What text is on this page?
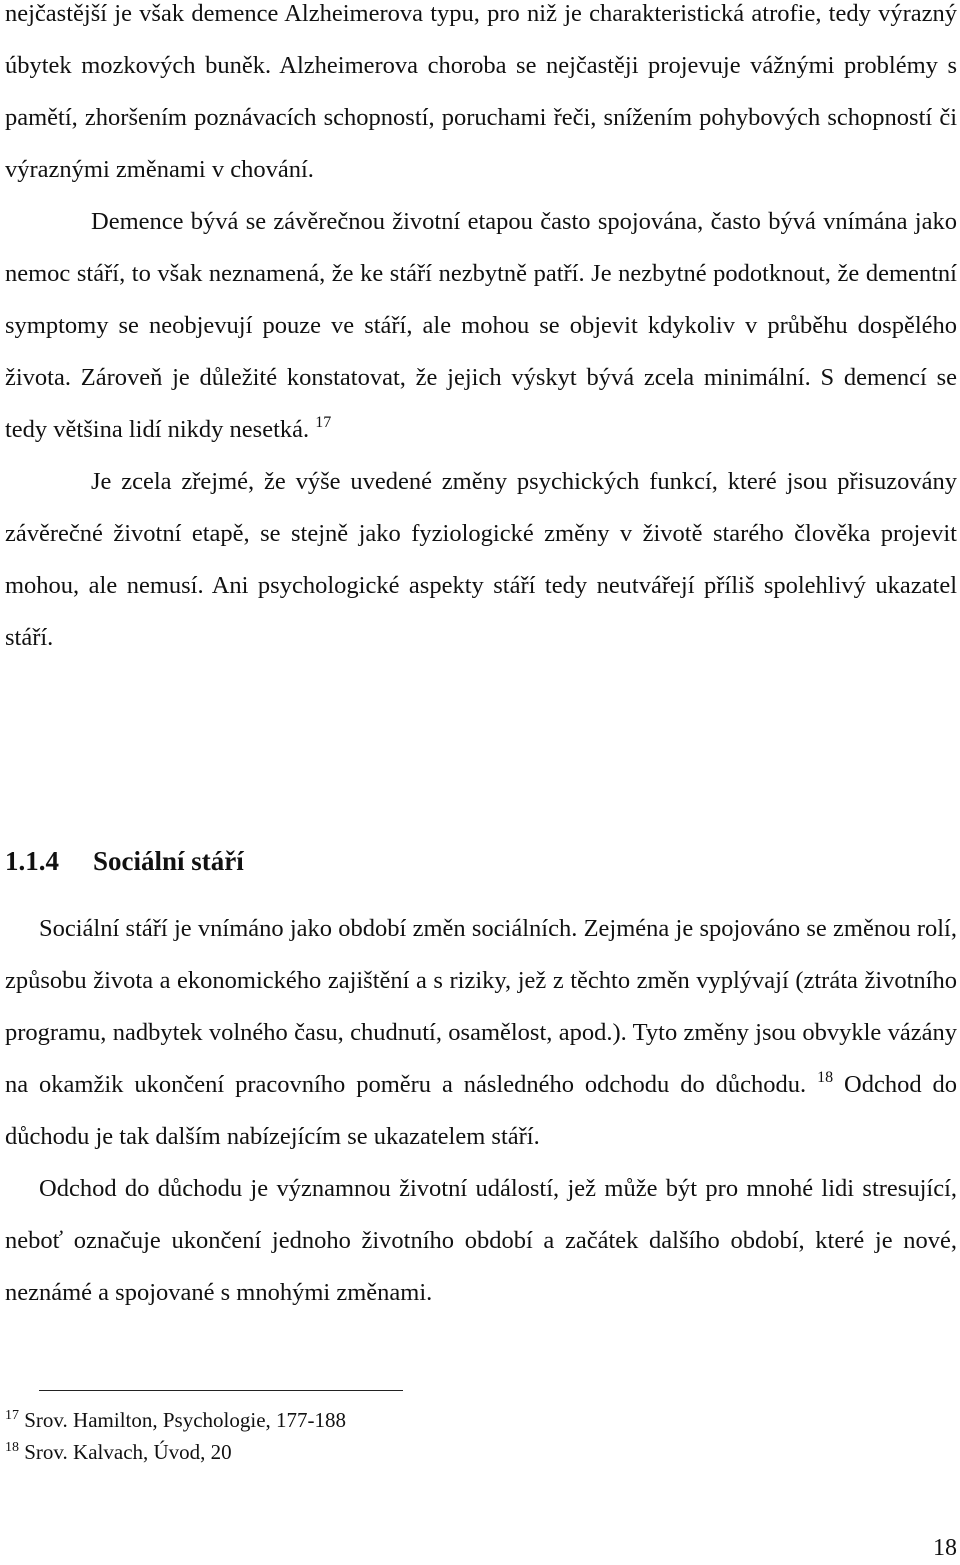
nejčastější je však demence Alzheimerova typu, pro niž je charakteristická atrofie, tedy výrazný úbytek mozkových buněk. Alzheimerova choroba se nejčastěji projevuje vážnými problémy s pamětí, zhoršením poznávacích schopností, poruchami řeči, snížením pohybových schopností či výraznými změnami v chování.

Demence bývá se závěrečnou životní etapou často spojována, často bývá vnímána jako nemoc stáří, to však neznamená, že ke stáří nezbytně patří. Je nezbytné podotknout, že dementní symptomy se neobjevují pouze ve stáří, ale mohou se objevit kdykoliv v průběhu dospělého života. Zároveň je důležité konstatovat, že jejich výskyt bývá zcela minimální. S demencí se tedy většina lidí nikdy nesetká. $^{17}$

Je zcela zřejmé, že výše uvedené změny psychických funkcí, které jsou přisuzovány závěrečné životní etapě, se stejně jako fyziologické změny v životě starého člověka projevit mohou, ale nemusí. Ani psychologické aspekty stáří tedy neutvářejí příliš spolehlivý ukazatel stáří.

1.1.4 Sociální stáří

Sociální stáří je vnímáno jako období změn sociálních. Zejména je spojováno se změnou rolí, způsobu života a ekonomického zajištění a s riziky, jež z těchto změn vyplývají (ztráta životního programu, nadbytek volného času, chudnutí, osamělost, apod.). Tyto změny jsou obvykle vázány na okamžik ukončení pracovního poměru a následného odchodu do důchodu. $^{18}$ Odchod do důchodu je tak dalším nabízejícím se ukazatelem stáří.

Odchod do důchodu je významnou životní událostí, jež může být pro mnohé lidi stresující, neboť označuje ukončení jednoho životního období a začátek dalšího období, které je nové, neznámé a spojované s mnohými změnami.

$^{17}$ Srov. Hamilton, Psychologie, 177-188
$^{18}$ Srov. Kalvach, Úvod, 20
18
